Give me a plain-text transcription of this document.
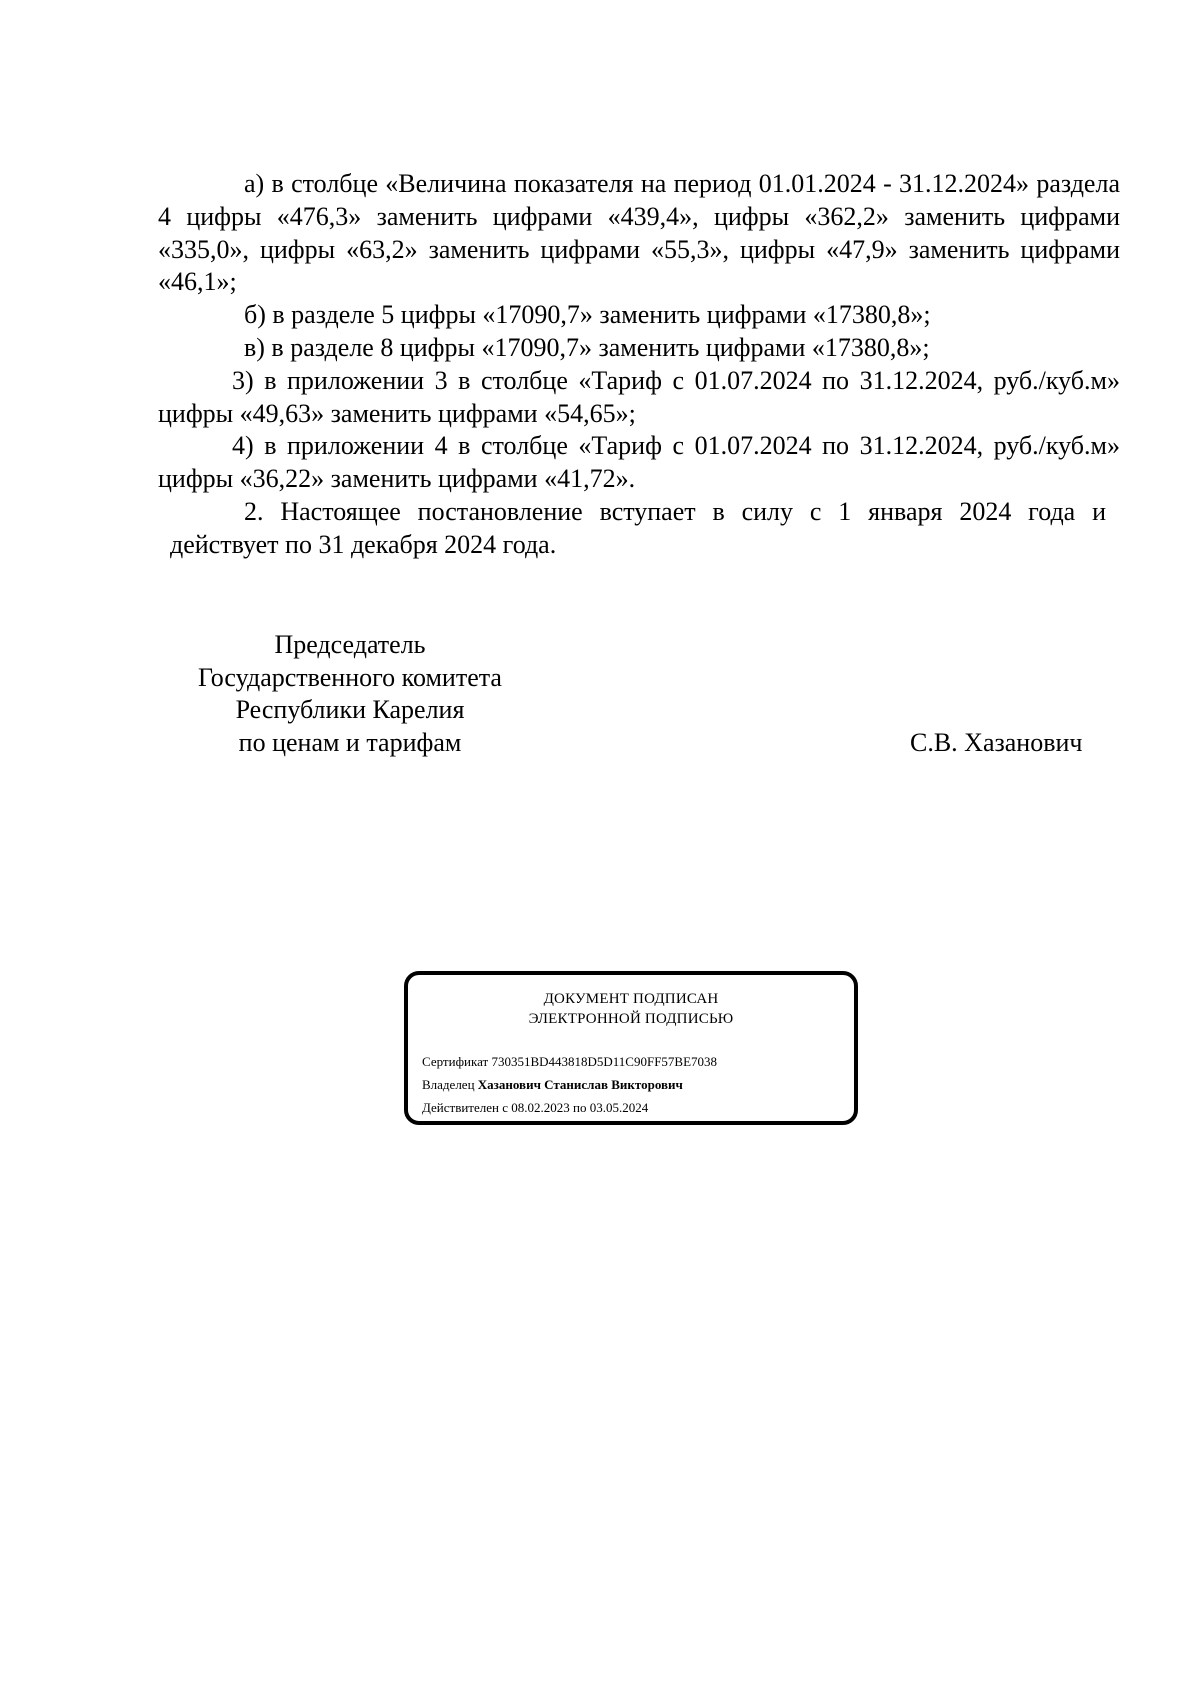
а) в столбце «Величина показателя на период 01.01.2024 - 31.12.2024» раздела 4 цифры «476,3» заменить цифрами «439,4», цифры «362,2» заменить цифрами «335,0», цифры «63,2» заменить цифрами «55,3», цифры «47,9» заменить цифрами «46,1»;

б) в разделе 5 цифры «17090,7» заменить цифрами «17380,8»;

в) в разделе 8 цифры «17090,7» заменить цифрами «17380,8»;

3) в приложении 3 в столбце «Тариф с 01.07.2024 по 31.12.2024, руб./куб.м» цифры «49,63» заменить цифрами «54,65»;

4) в приложении 4 в столбце «Тариф с 01.07.2024 по 31.12.2024, руб./куб.м» цифры «36,22» заменить цифрами «41,72».

2. Настоящее постановление вступает в силу с 1 января 2024 года и действует по 31 декабря 2024 года.

Председатель
Государственного комитета
Республики Карелия
по ценам и тарифам	С.В. Хазанович
ДОКУМЕНТ ПОДПИСАН
ЭЛЕКТРОННОЙ ПОДПИСЬЮ
Сертификат 730351BD443818D5D11C90FF57BE7038
Владелец Хазанович Станислав Викторович
Действителен с 08.02.2023 по 03.05.2024
